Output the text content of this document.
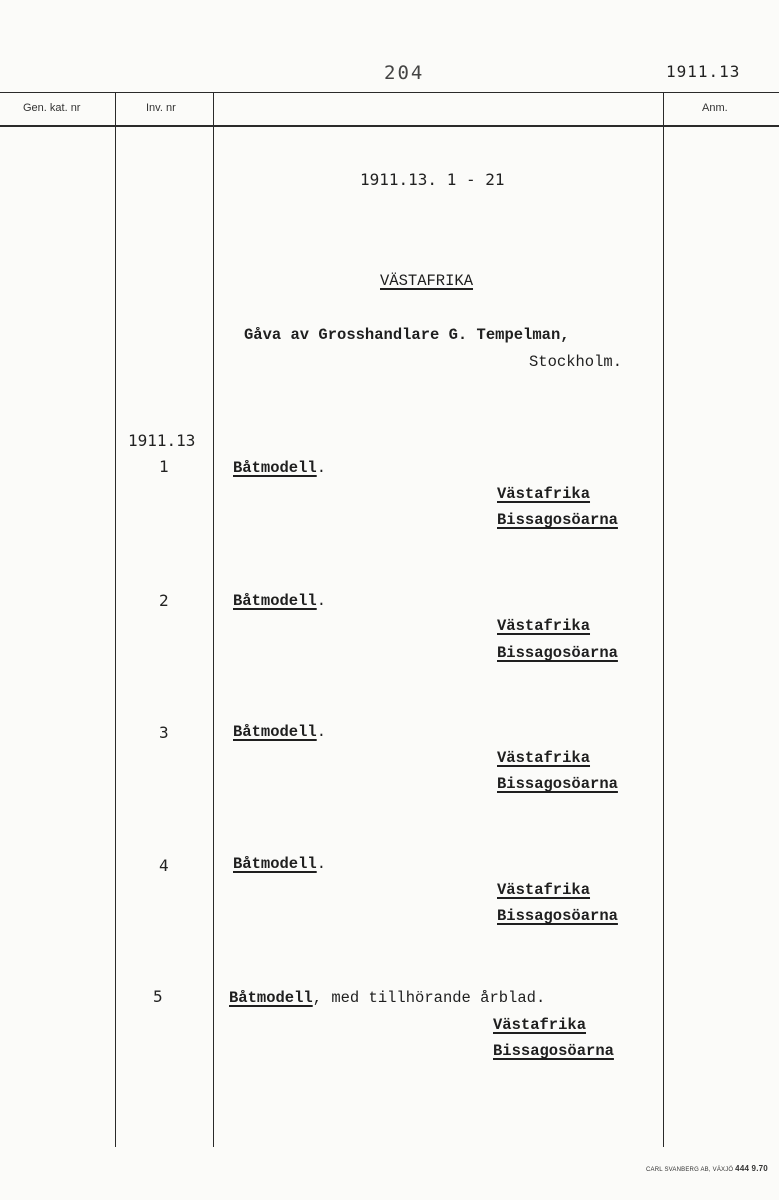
204	1911.13
Gen. kat. nr	Inv. nr	Anm.
1911.13. 1 - 21
VÄSTAFRIKA
Gåva av Grosshandlare G. Tempelman,
Stockholm.
1911.13
1	Båtmodell.
Västafrika
Bissagosöarna
2	Båtmodell.
Västafrika
Bissagosöarna
3	Båtmodell.
Västafrika
Bissagosöarna
4	Båtmodell.
Västafrika
Bissagosöarna
5	Båtmodell, med tillhörande årblad.
Västafrika
Bissagosöarna
CARL SVANBERG AB, VÄXJÖ 444 9.70
